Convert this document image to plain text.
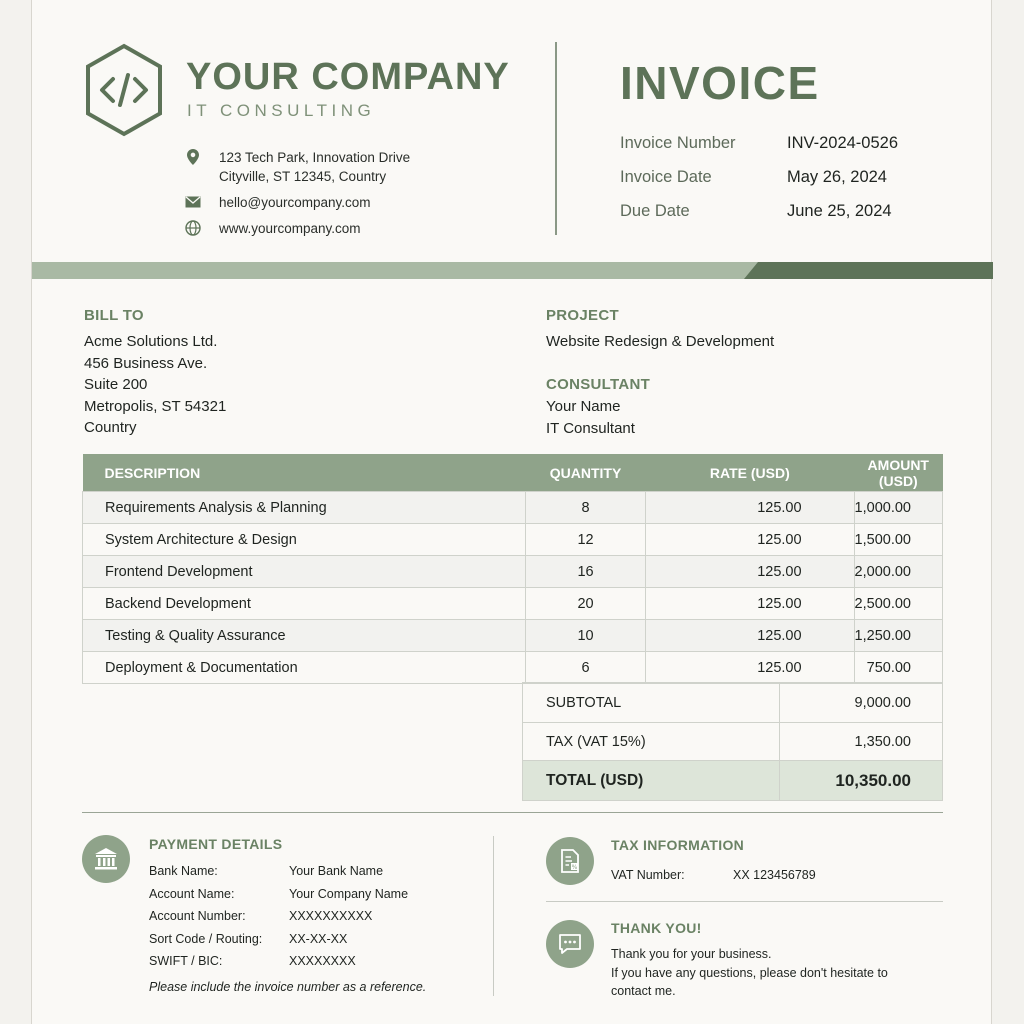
YOUR COMPANY
IT CONSULTING
123 Tech Park, Innovation Drive
Cityville, ST 12345, Country
hello@yourcompany.com
www.yourcompany.com
INVOICE
Invoice Number	INV-2024-0526
Invoice Date	May 26, 2024
Due Date	June 25, 2024
BILL TO
Acme Solutions Ltd.
456 Business Ave.
Suite 200
Metropolis, ST 54321
Country
PROJECT
Website Redesign & Development
CONSULTANT
Your Name
IT Consultant
DESCRIPTION	QUANTITY	RATE (USD)	AMOUNT (USD)
Requirements Analysis & Planning	8	125.00	1,000.00
System Architecture & Design	12	125.00	1,500.00
Frontend Development	16	125.00	2,000.00
Backend Development	20	125.00	2,500.00
Testing & Quality Assurance	10	125.00	1,250.00
Deployment & Documentation	6	125.00	750.00
SUBTOTAL	9,000.00
TAX (VAT 15%)	1,350.00
TOTAL (USD)	10,350.00
PAYMENT DETAILS
Bank Name:	Your Bank Name
Account Name:	Your Company Name
Account Number:	XXXXXXXXXX
Sort Code / Routing: XX-XX-XX
SWIFT / BIC:	XXXXXXXX
Please include the invoice number as a reference.
%
TAX INFORMATION
VAT Number:	XX 123456789
THANK YOU!
Thank you for your business.
If you have any questions, please don't hesitate to
contact me.
